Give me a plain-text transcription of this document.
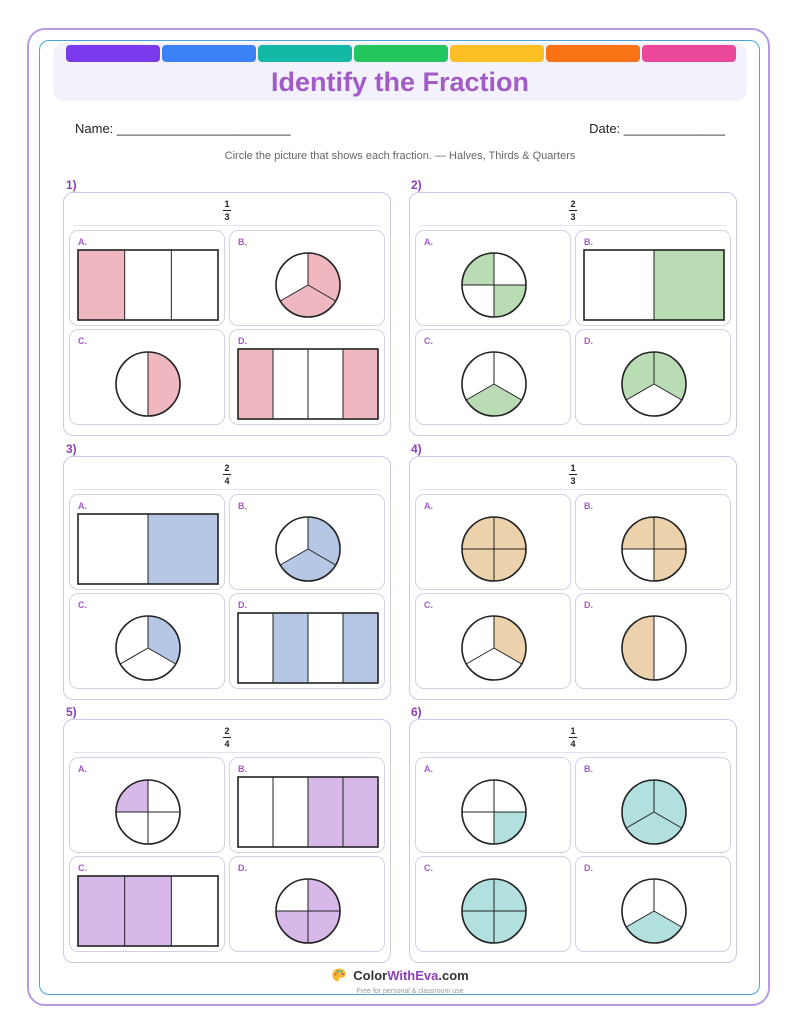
Identify the Fraction
Name: ________________________	Date: ______________
Circle the picture that shows each fraction. — Halves, Thirds & Quarters
1)
1
3
A.	B.
C.	D.
2)
2
3
A.	B.
C.	D.
3)
2
4
A.	B.
C.	D.
4)
1
3
A.	B.
C.	D.
5)
2
4
A.	B.
C.	D.
6)
1
4
A.	B.
C.	D.
ColorWithEva.com
Free for personal & classroom use
